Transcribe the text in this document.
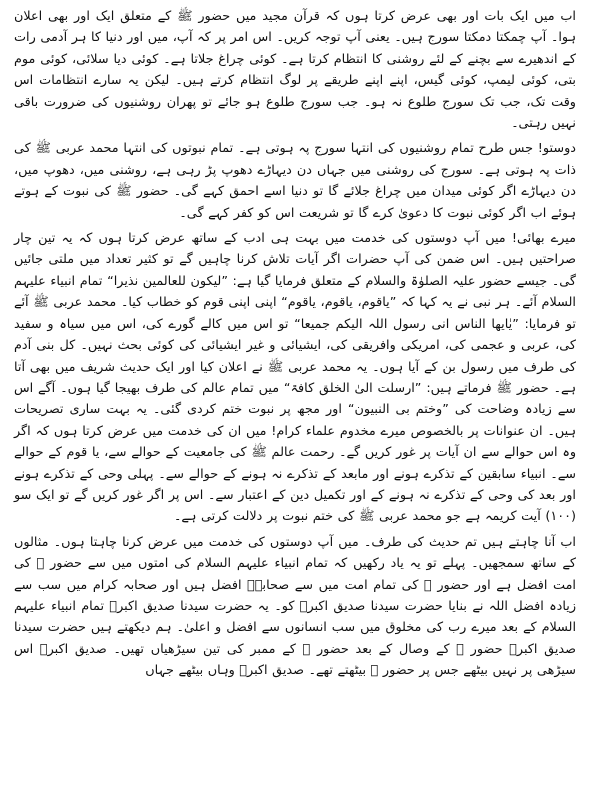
اب میں ایک بات اور بھی عرض کرتا ہوں کہ قرآن مجید میں حضور ﷺ کے متعلق ایک اور بھی اعلان ہوا۔ آپ چمکتا دمکتا سورج ہیں۔ یعنی آپ توجہ کریں۔ اس امر پر کہ آپ، میں اور دنیا کا ہر آدمی رات کے اندھیرے سے بچنے کے لئے روشنی کا انتظام کرتا ہے۔ کوئی چراغ جلاتا ہے۔ کوئی دیا سلائی، کوئی موم بتی، کوئی لیمپ، کوئی گیس، اپنے اپنے طریقے پر لوگ انتظام کرتے ہیں۔ لیکن یہ سارے انتظامات اس وقت تک، جب تک سورج طلوع نہ ہو۔ جب سورج طلوع ہو جائے تو پھران روشنیوں کی ضرورت باقی نہیں رہتی۔

دوستو! جس طرح تمام روشنیوں کی انتہا سورج پہ ہوتی ہے۔ تمام نبوتوں کی انتہا محمد عربی ﷺ کی ذات پہ ہوتی ہے۔ سورج کی روشنی میں جہاں دن دیہاڑے دھوپ پڑ رہی ہے، روشنی میں، دھوپ میں، دن دیہاڑے اگر کوئی میدان میں چراغ جلائے گا تو دنیا اسے احمق کہے گی۔ حضور ﷺ کی نبوت کے ہوتے ہوئے اب اگر کوئی نبوت کا دعویٰ کرے گا تو شریعت اس کو کفر کہے گی۔

میرے بھائی! میں آپ دوستوں کی خدمت میں بہت ہی ادب کے ساتھ عرض کرتا ہوں کہ یہ تین چار صراحتیں ہیں۔ اس ضمن کی آپ حضرات اگر آیات تلاش کرنا چاہیں گے تو کثیر تعداد میں ملتی جائیں گی۔ جیسے حضور علیہ الصلوٰۃ والسلام کے متعلق فرمایا گیا ہے: ”لیکون للعالمین نذیرا“ تمام انبیاء علیہم السلام آئے۔ ہر نبی نے یہ کہا کہ ”یاقوم، یاقوم، یاقوم“ اپنی اپنی قوم کو خطاب کیا۔ محمد عربی ﷺ آئے تو فرمایا: ”یٰایھا الناس انی رسول اللہ الیکم جمیعا“ تو اس میں کالے گورے کی، اس میں سیاہ و سفید کی، عربی و عجمی کی، امریکی وافریقی کی، ایشیائی و غیر ایشیائی کی کوئی بحث نہیں۔ کل بنی آدم کی طرف میں رسول بن کے آیا ہوں۔ یہ محمد عربی ﷺ نے اعلان کیا اور ایک حدیث شریف میں بھی آتا ہے۔ حضور ﷺ فرماتے ہیں: ”ارسلت الیٰ الخلق کافۃ“ میں تمام عالم کی طرف بھیجا گیا ہوں۔ آگے اس سے زیادہ وضاحت کی ”وختم بی النبیون“ اور مجھ پر نبوت ختم کردی گئی۔ یہ بہت ساری تصریحات ہیں۔ ان عنوانات پر بالخصوص میرے مخدوم علماء کرام! میں ان کی خدمت میں عرض کرتا ہوں کہ اگر وہ اس حوالے سے ان آیات پر غور کریں گے۔ رحمت عالم ﷺ کی جامعیت کے حوالے سے، یا قوم کے حوالے سے۔ انبیاء سابقین کے تذکرے ہونے اور مابعد کے تذکرے نہ ہونے کے حوالے سے۔ پہلی وحی کے تذکرے ہونے اور بعد کی وحی کے تذکرے نہ ہونے کے اور تکمیل دین کے اعتبار سے۔ اس پر اگر غور کریں گے تو ایک سو (۱۰۰) آیت کریمہ ہے جو محمد عربی ﷺ کی ختم نبوت پر دلالت کرتی ہے۔

اب آنا چاہتے ہیں تم حدیث کی طرف۔ میں آپ دوستوں کی خدمت میں عرض کرنا چاہتا ہوں۔ مثالوں کے ساتھ سمجھیں۔ پہلے تو یہ یاد رکھیں کہ تمام انبیاء علیہم السلام کی امتوں میں سے حضور ﷺ کی امت افضل ہے اور حضور ﷺ کی تمام امت میں سے صحابہؓ افضل ہیں اور صحابہ کرام میں سب سے زیادہ افضل اللہ نے بنایا حضرت سیدنا صدیق اکبرؓ کو۔ یہ حضرت سیدنا صدیق اکبرؓ تمام انبیاء علیہم السلام کے بعد میرے رب کی مخلوق میں سب انسانوں سے افضل و اعلیٰ۔ ہم دیکھتے ہیں حضرت سیدنا صدیق اکبرؓ حضور ﷺ کے وصال کے بعد حضور ﷺ کے ممبر کی تین سیڑھیاں تھیں۔ صدیق اکبرؓ اس سیڑھی پر نہیں بیٹھے جس پر حضور ﷺ بیٹھتے تھے۔ صدیق اکبرؓ وہاں بیٹھے جہاں
